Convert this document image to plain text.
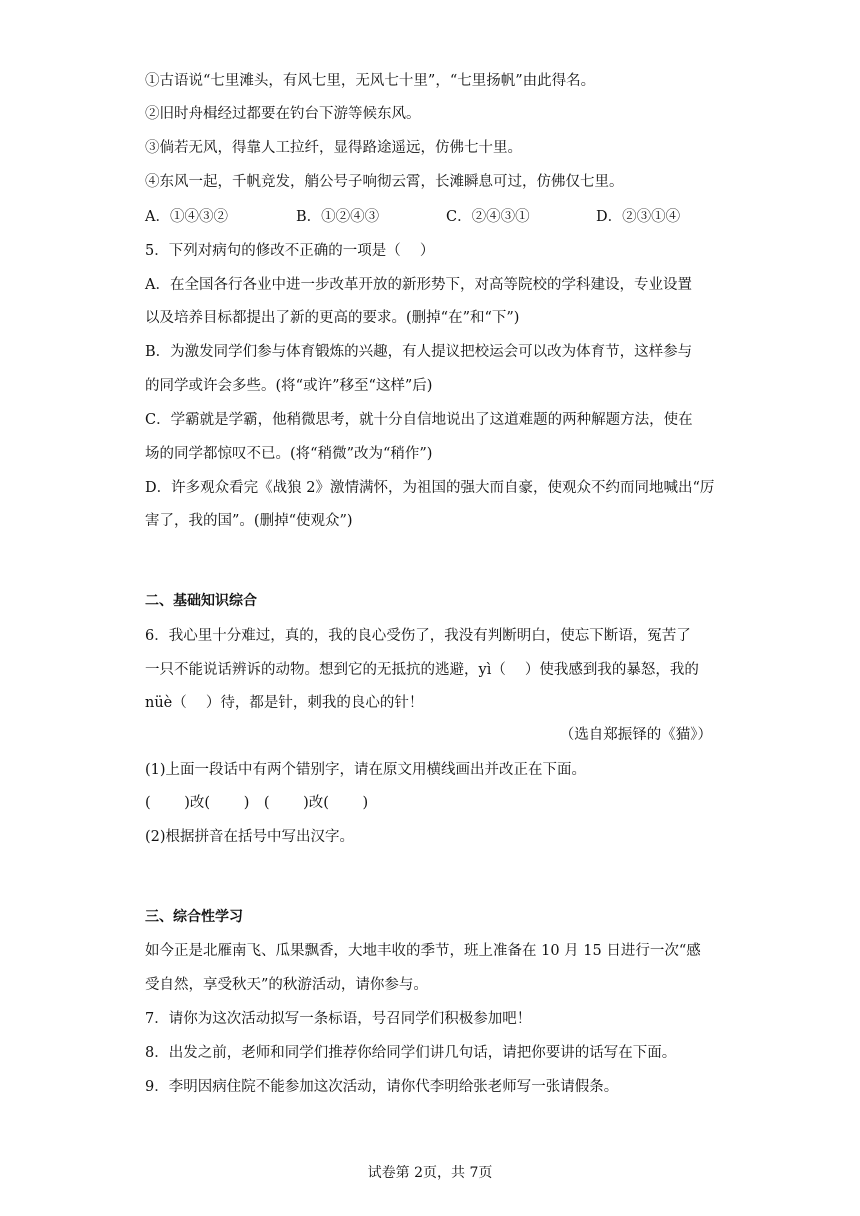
①古语说“七里滩头，有风七里，无风七十里”，“七里扬帆”由此得名。
②旧时舟楫经过都要在钓台下游等候东风。
③倘若无风，得靠人工拉纤，显得路途遥远，仿佛七十里。
④东风一起，千帆竞发，艄公号子响彻云霄，长滩瞬息可过，仿佛仅七里。
A．①④③②	B．①②④③	C．②④③①	D．②③①④
5．下列对病句的修改不正确的一项是（　 ）
A．在全国各行各业中进一步改革开放的新形势下，对高等院校的学科建设，专业设置
以及培养目标都提出了新的更高的要求。(删掉“在”和“下”)
B．为激发同学们参与体育锻炼的兴趣，有人提议把校运会可以改为体育节，这样参与
的同学或许会多些。(将“或许”移至“这样”后)
C．学霸就是学霸，他稍微思考，就十分自信地说出了这道难题的两种解题方法，使在
场的同学都惊叹不已。(将“稍微”改为“稍作”)
D．许多观众看完《战狼 2》激情满怀，为祖国的强大而自豪，使观众不约而同地喊出“厉
害了，我的国”。(删掉“使观众”)
二、基础知识综合
6．我心里十分难过，真的，我的良心受伤了，我没有判断明白，使忘下断语，冤苦了
一只不能说话辨诉的动物。想到它的无抵抗的逃避，yì（　 ）使我感到我的暴怒，我的
nüè（　 ）待，都是针，刺我的良心的针！
（选自郑振铎的《猫》）
(1)上面一段话中有两个错别字，请在原文用横线画出并改正在下面。
(　　 )改(　　 )　(　　 )改(　　 )
(2)根据拼音在括号中写出汉字。
三、综合性学习
如今正是北雁南飞、瓜果飘香，大地丰收的季节，班上准备在 10 月 15 日进行一次“感
受自然，享受秋天”的秋游活动，请你参与。
7．请你为这次活动拟写一条标语，号召同学们积极参加吧！
8．出发之前，老师和同学们推荐你给同学们讲几句话，请把你要讲的话写在下面。
9．李明因病住院不能参加这次活动，请你代李明给张老师写一张请假条。
试卷第 2页，共 7页
